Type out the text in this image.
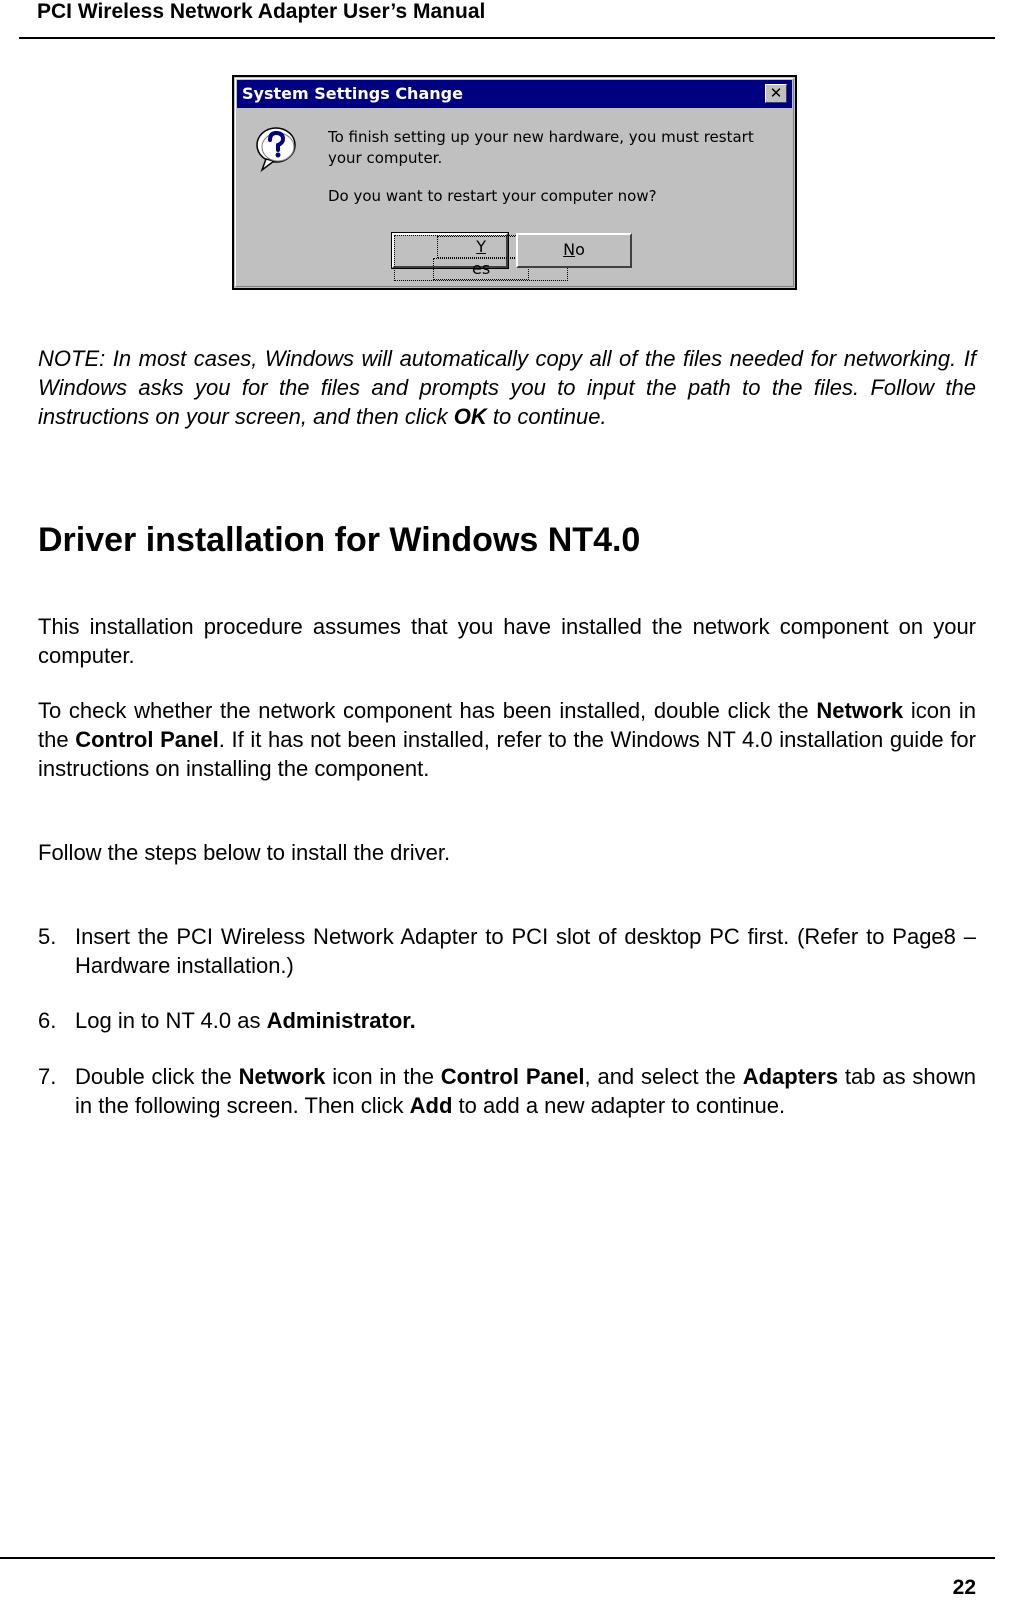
PCI Wireless Network Adapter User’s Manual
System Settings Change	✕
To finish setting up your new hardware, you must restart your computer.
Do you want to restart your computer now?
$\frac{Y}{es}$
No
NOTE: In most cases, Windows will automatically copy all of the files needed for networking. If Windows asks you for the files and prompts you to input the path to the files. Follow the instructions on your screen, and then click OK to continue.
Driver installation for Windows NT4.0
This installation procedure assumes that you have installed the network component on your computer.
To check whether the network component has been installed, double click the Network icon in the Control Panel. If it has not been installed, refer to the Windows NT 4.0 installation guide for instructions on installing the component.
Follow the steps below to install the driver.
5. Insert the PCI Wireless Network Adapter to PCI slot of desktop PC first. (Refer to Page8 – Hardware installation.)
6. Log in to NT 4.0 as Administrator.
7. Double click the Network icon in the Control Panel, and select the Adapters tab as shown in the following screen. Then click Add to add a new adapter to continue.
22
